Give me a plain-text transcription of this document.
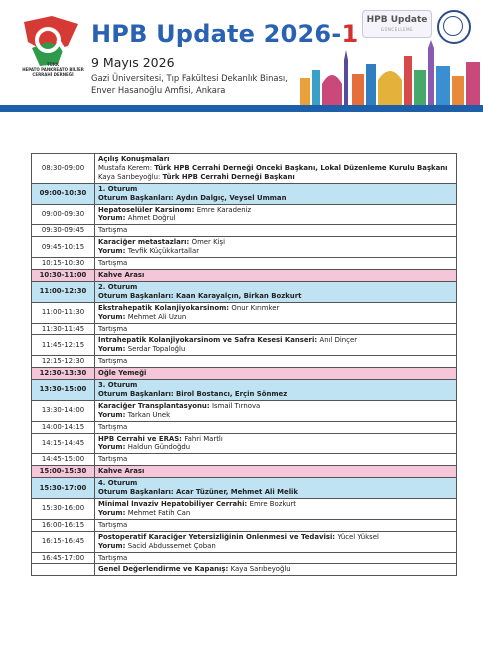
TÜRK
HEPATO PANKREATO BİLİER
CERRAHİ DERNEĞİ
HPB Update 2026-1
9 Mayıs 2026
Gazi Üniversitesi, Tıp Fakültesi Dekanlık Binası,
Enver Hasanoğlu Amfisi, Ankara
HPB Update
GÜNCELLEME
08:30-09:00	Açılış Konuşmaları
Mustafa Kerem: Türk HPB Cerrahi Derneği Önceki Başkanı, Lokal Düzenleme Kurulu Başkanı
Kaya Sarıbeyoğlu: Türk HPB Cerrahi Derneği Başkanı

09:00-10:30	1. Oturum
Oturum Başkanları: Aydın Dalgıç, Veysel Umman

09:00-09:30	Hepatoselüler Karsinom: Emre Karadeniz
Yorum: Ahmet Doğrul

09:30-09:45	Tartışma

09:45-10:15	Karaciğer metastazları: Ömer Kişi
Yorum: Tevfik Küçükkartallar

10:15-10:30	Tartışma

10:30-11:00	Kahve Arası

11:00-12:30	2. Oturum
Oturum Başkanları: Kaan Karayalçın, Birkan Bozkurt

11:00-11:30	Ekstrahepatik Kolanjiyokarsinom: Onur Kırımker
Yorum: Mehmet Ali Uzun

11:30-11:45	Tartışma

11:45-12:15	İntrahepatik Kolanjiyokarsinom ve Safra Kesesi Kanseri: Anıl Dinçer
Yorum: Serdar Topaloğlu

12:15-12:30	Tartışma

12:30-13:30	Öğle Yemeği

13:30-15:00	3. Oturum
Oturum Başkanları: Birol Bostancı, Erçin Sönmez

13:30-14:00	Karaciğer Transplantasyonu: İsmail Tırnova
Yorum: Tarkan Ünek

14:00-14:15	Tartışma

14:15-14:45	HPB Cerrahi ve ERAS: Fahri Martlı
Yorum: Haldun Gündoğdu

14:45-15:00	Tartışma

15:00-15:30	Kahve Arası

15:30-17:00	4. Oturum
Oturum Başkanları: Acar Tüzüner, Mehmet Ali Melik

15:30-16:00	Minimal İnvaziv Hepatobiliyer Cerrahi: Emre Bozkurt
Yorum: Mehmet Fatih Can

16:00-16:15	Tartışma

16:15-16:45	Postoperatif Karaciğer Yetersizliğinin Önlenmesi ve Tedavisi: Yücel Yüksel
Yorum: Sacid Abdussemet Çoban

16:45-17:00	Tartışma

	Genel Değerlendirme ve Kapanış: Kaya Sarıbeyoğlu
